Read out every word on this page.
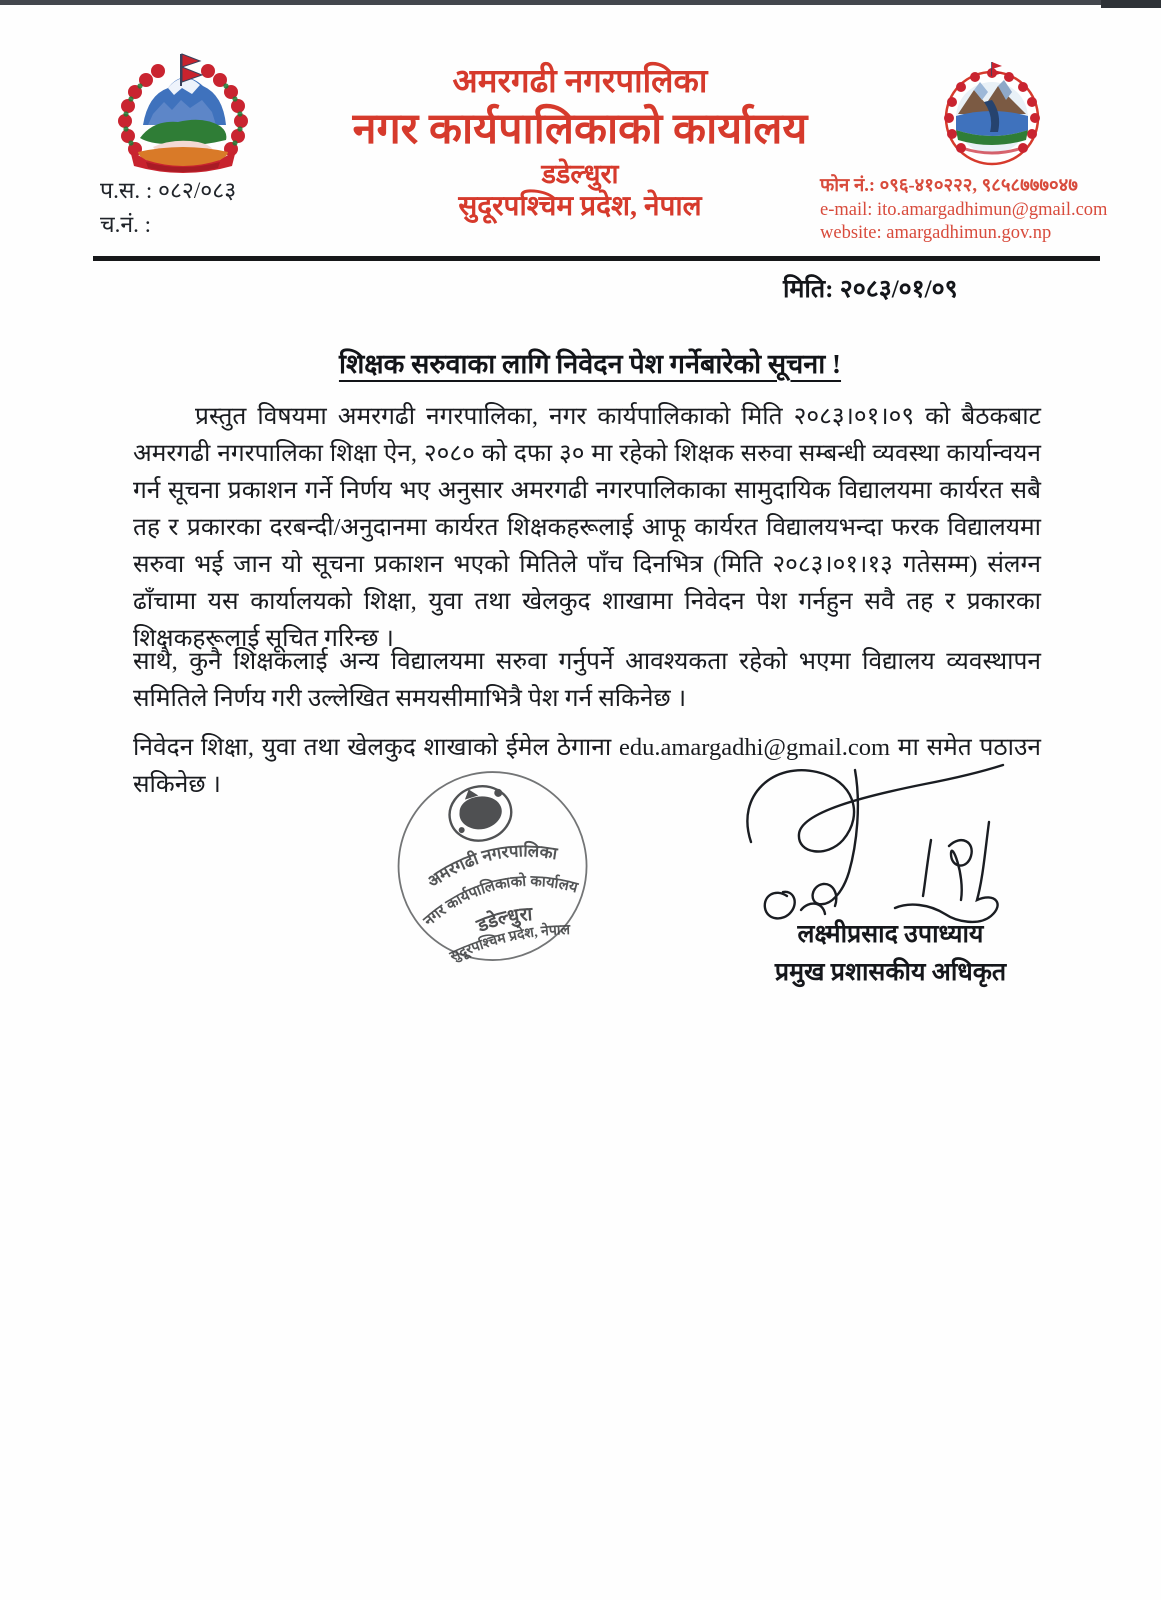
अमरगढी नगरपालिका
नगर कार्यपालिकाको कार्यालय
डडेल्धुरा
सुदूरपश्चिम प्रदेश, नेपाल
प.स. : ०८२/०८३
च.नं. :
फोन नं.: ०९६-४१०२२२, ९८५८७७७०४७
e-mail: ito.amargadhimun@gmail.com
website: amargadhimun.gov.np
मिति: २०८३/०१/०९
शिक्षक सरुवाका लागि निवेदन पेश गर्नेबारेको सूचना !

प्रस्तुत विषयमा अमरगढी नगरपालिका, नगर कार्यपालिकाको मिति २०८३।०१।०९ को बैठकबाट अमरगढी नगरपालिका शिक्षा ऐन, २०८० को दफा ३० मा रहेको शिक्षक सरुवा सम्बन्धी व्यवस्था कार्यान्वयन गर्न सूचना प्रकाशन गर्ने निर्णय भए अनुसार अमरगढी नगरपालिकाका सामुदायिक विद्यालयमा कार्यरत सबै तह र प्रकारका दरबन्दी/अनुदानमा कार्यरत शिक्षकहरूलाई आफू कार्यरत विद्यालयभन्दा फरक विद्यालयमा सरुवा भई जान यो सूचना प्रकाशन भएको मितिले पाँच दिनभित्र (मिति २०८३।०१।१३ गतेसम्म) संलग्न ढाँचामा यस कार्यालयको शिक्षा, युवा तथा खेलकुद शाखामा निवेदन पेश गर्नहुन सवै तह र प्रकारका शिक्षकहरूलाई सूचित गरिन्छ ।

साथै, कुनै शिक्षकलाई अन्य विद्यालयमा सरुवा गर्नुपर्ने आवश्यकता रहेको भएमा विद्यालय व्यवस्थापन समितिले निर्णय गरी उल्लेखित समयसीमाभित्रै पेश गर्न सकिनेछ ।

निवेदन शिक्षा, युवा तथा खेलकुद शाखाको ईमेल ठेगाना edu.amargadhi@gmail.com मा समेत पठाउन सकिनेछ ।

अमरगढी नगरपालिका
नगर कार्यपालिकाको कार्यालय
डडेल्धुरा
सुदूरपश्चिम प्रदेश, नेपाल	लक्ष्मीप्रसाद उपाध्याय
प्रमुख प्रशासकीय अधिकृत
